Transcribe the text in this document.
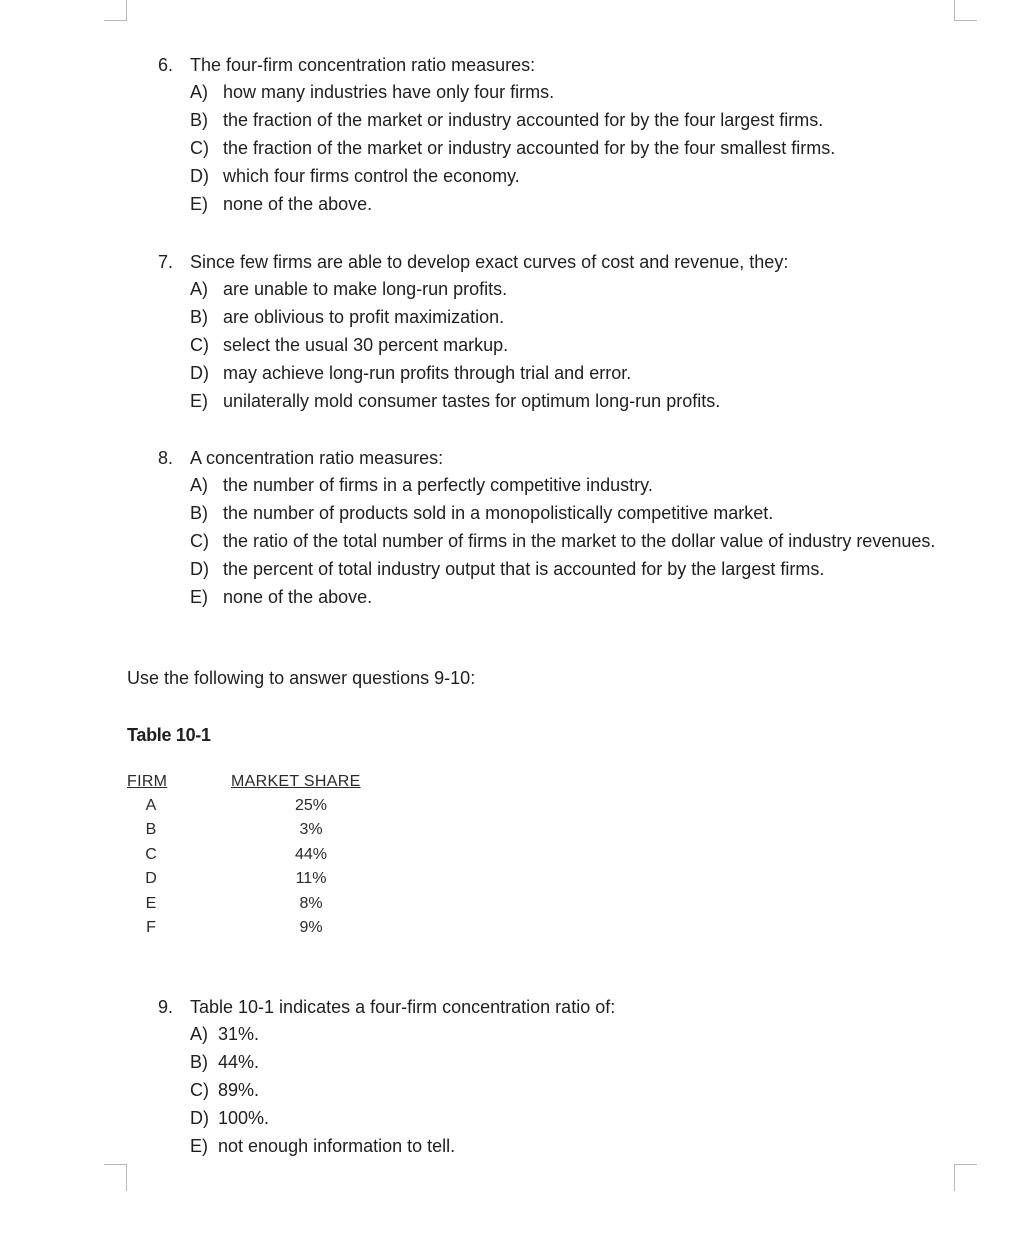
6. The four-firm concentration ratio measures:
A) how many industries have only four firms.
B) the fraction of the market or industry accounted for by the four largest firms.
C) the fraction of the market or industry accounted for by the four smallest firms.
D) which four firms control the economy.
E) none of the above.
7. Since few firms are able to develop exact curves of cost and revenue, they:
A) are unable to make long-run profits.
B) are oblivious to profit maximization.
C) select the usual 30 percent markup.
D) may achieve long-run profits through trial and error.
E) unilaterally mold consumer tastes for optimum long-run profits.
8. A concentration ratio measures:
A) the number of firms in a perfectly competitive industry.
B) the number of products sold in a monopolistically competitive market.
C) the ratio of the total number of firms in the market to the dollar value of industry revenues.
D) the percent of total industry output that is accounted for by the largest firms.
E) none of the above.
Use the following to answer questions 9-10:
Table 10-1
FIRM	MARKET SHARE
A	25%
B	3%
C	44%
D	11%
E	8%
F	9%
9. Table 10-1 indicates a four-firm concentration ratio of:
A) 31%.
B) 44%.
C) 89%.
D) 100%.
E) not enough information to tell.
